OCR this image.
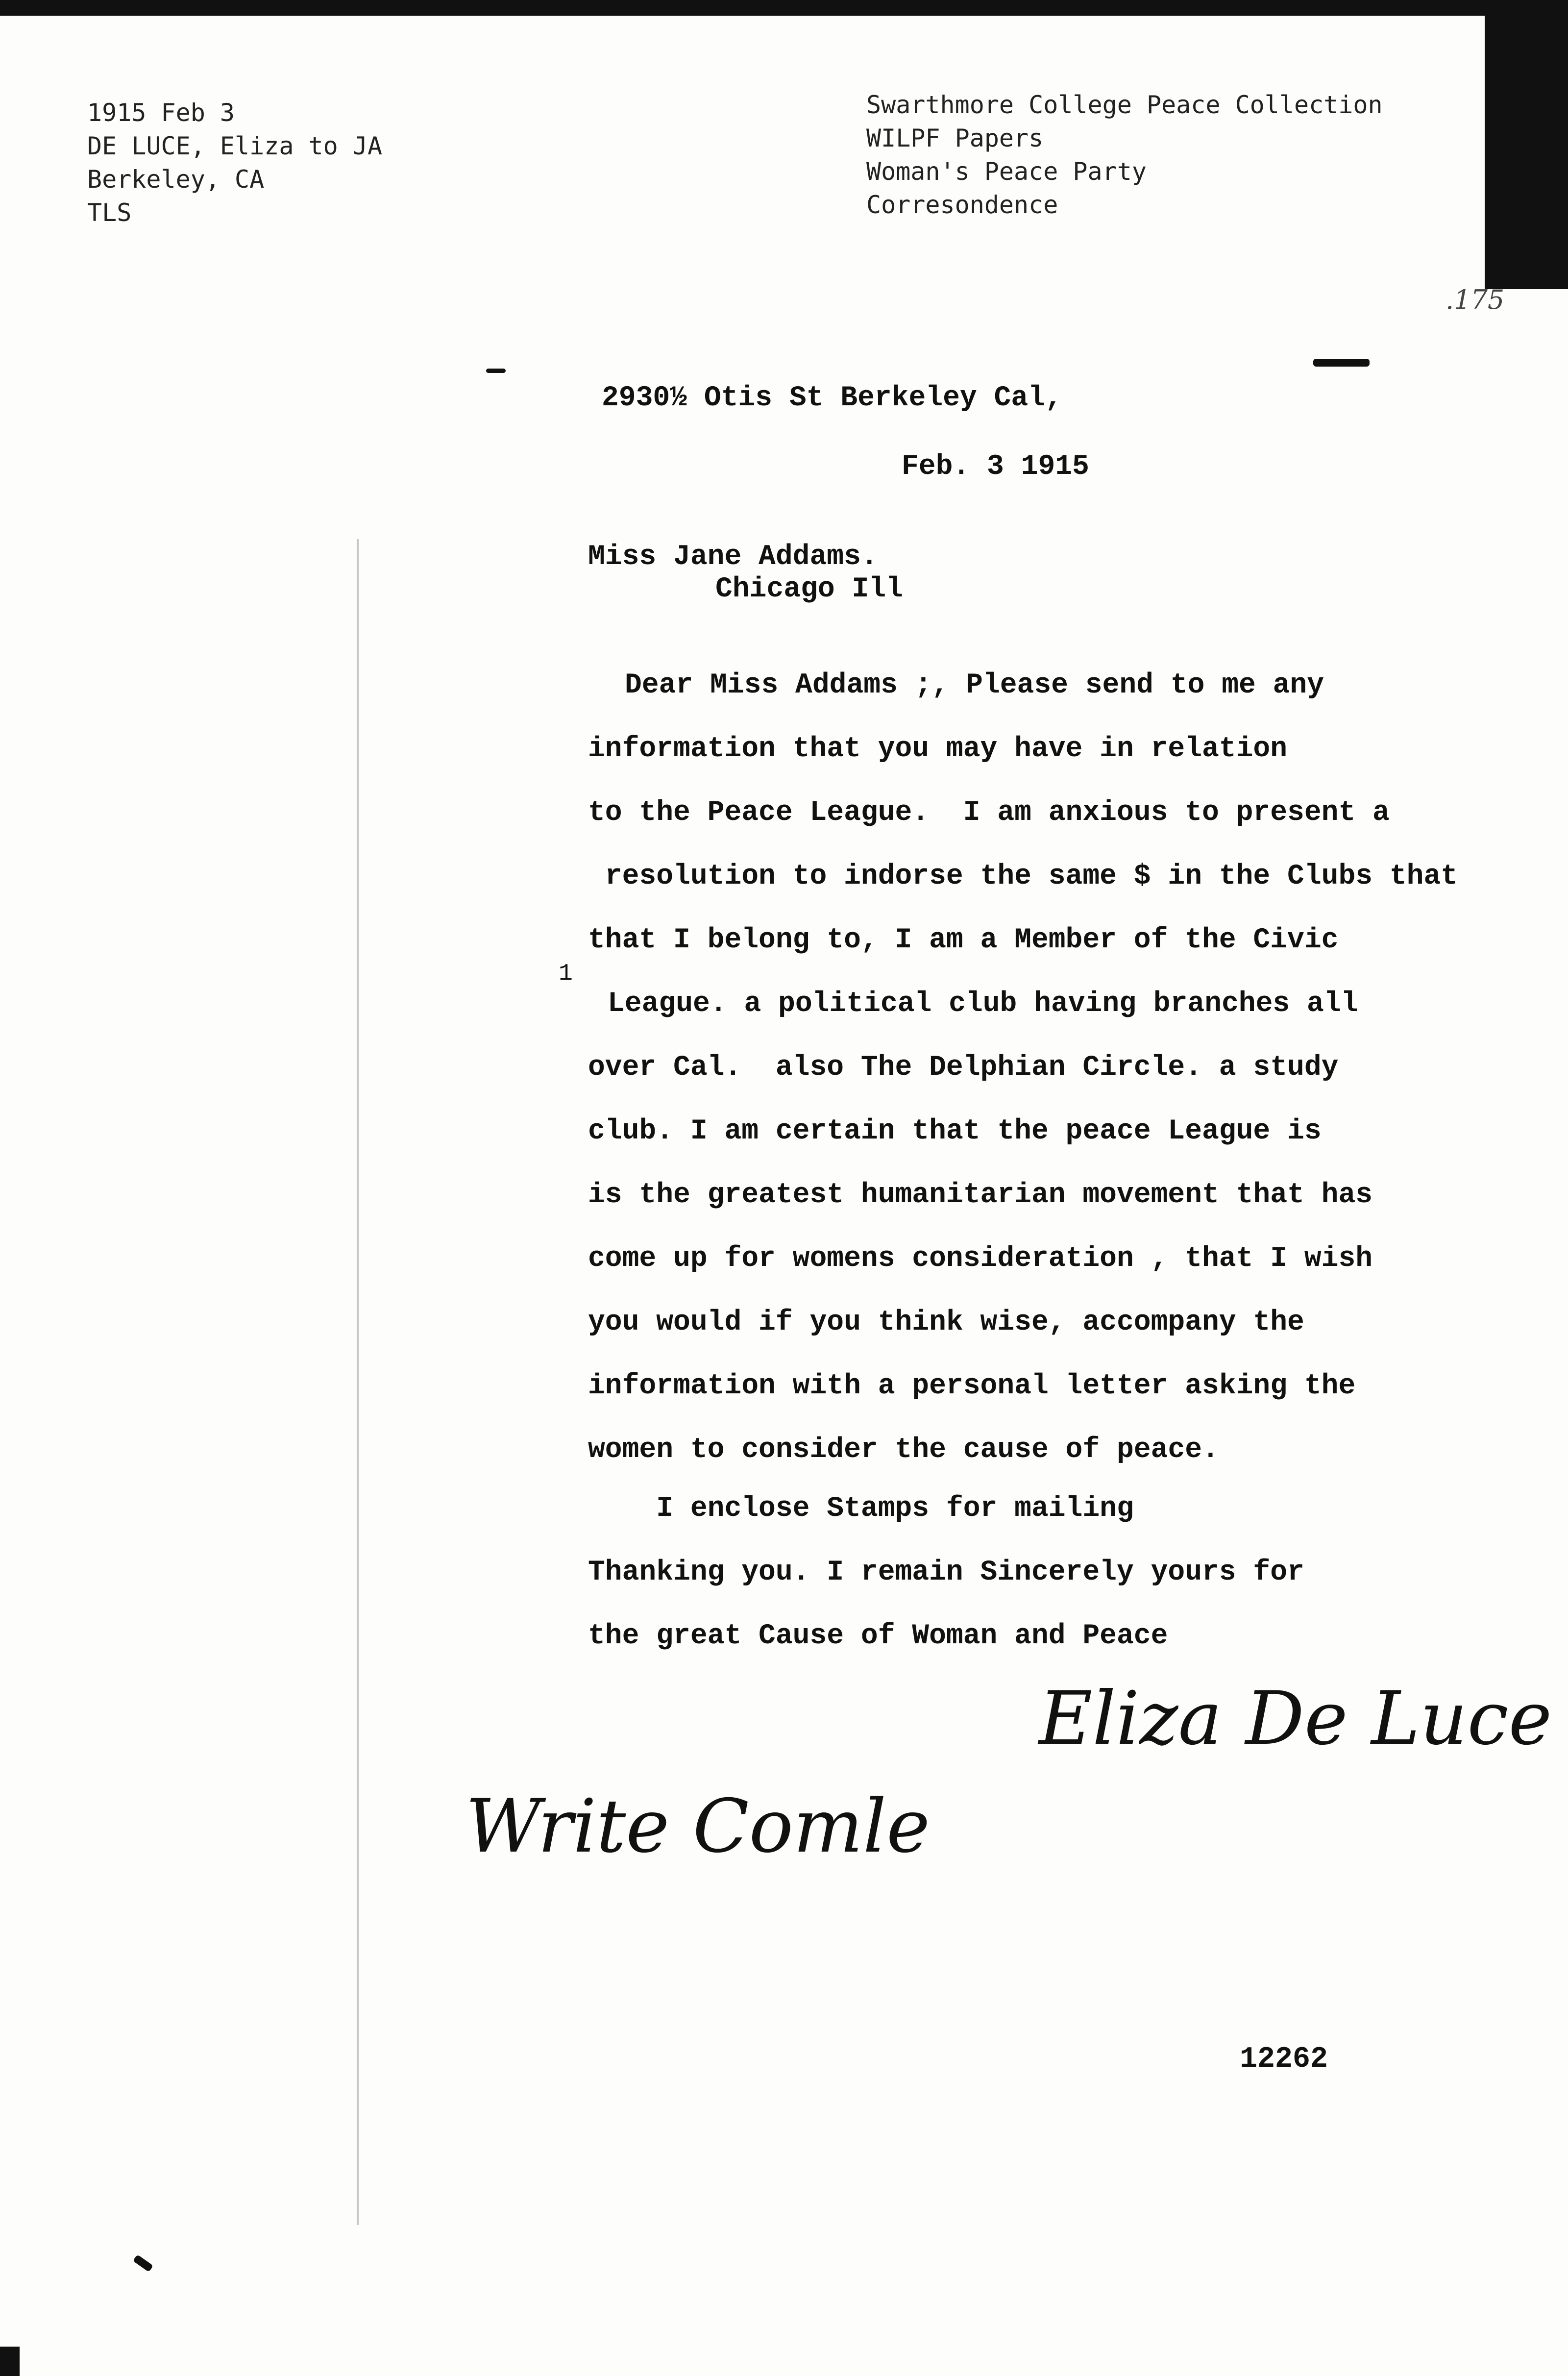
1915 Feb 3
DE LUCE, Eliza to JA
Berkeley, CA
TLS
Swarthmore College Peace Collection
WILPF Papers
Woman's Peace Party
Corresondence
.175
2930½ Otis St Berkeley Cal,
Feb. 3 1915
Miss Jane Addams.
Chicago Ill
Dear Miss Addams ;, Please send to me any
information that you may have in relation
to the Peace League.  I am anxious to present a
resolution to indorse the same $ in the Clubs that
that I belong to, I am a Member of the Civic
1
League. a political club having branches all
over Cal.  also The Delphian Circle. a study
club. I am certain that the peace League is
is the greatest humanitarian movement that has
come up for womens consideration , that I wish
you would if you think wise, accompany the
information with a personal letter asking the
women to consider the cause of peace.
I enclose Stamps for mailing
Thanking you. I remain Sincerely yours for
the great Cause of Woman and Peace
Eliza De Luce
Write Comle
12262
